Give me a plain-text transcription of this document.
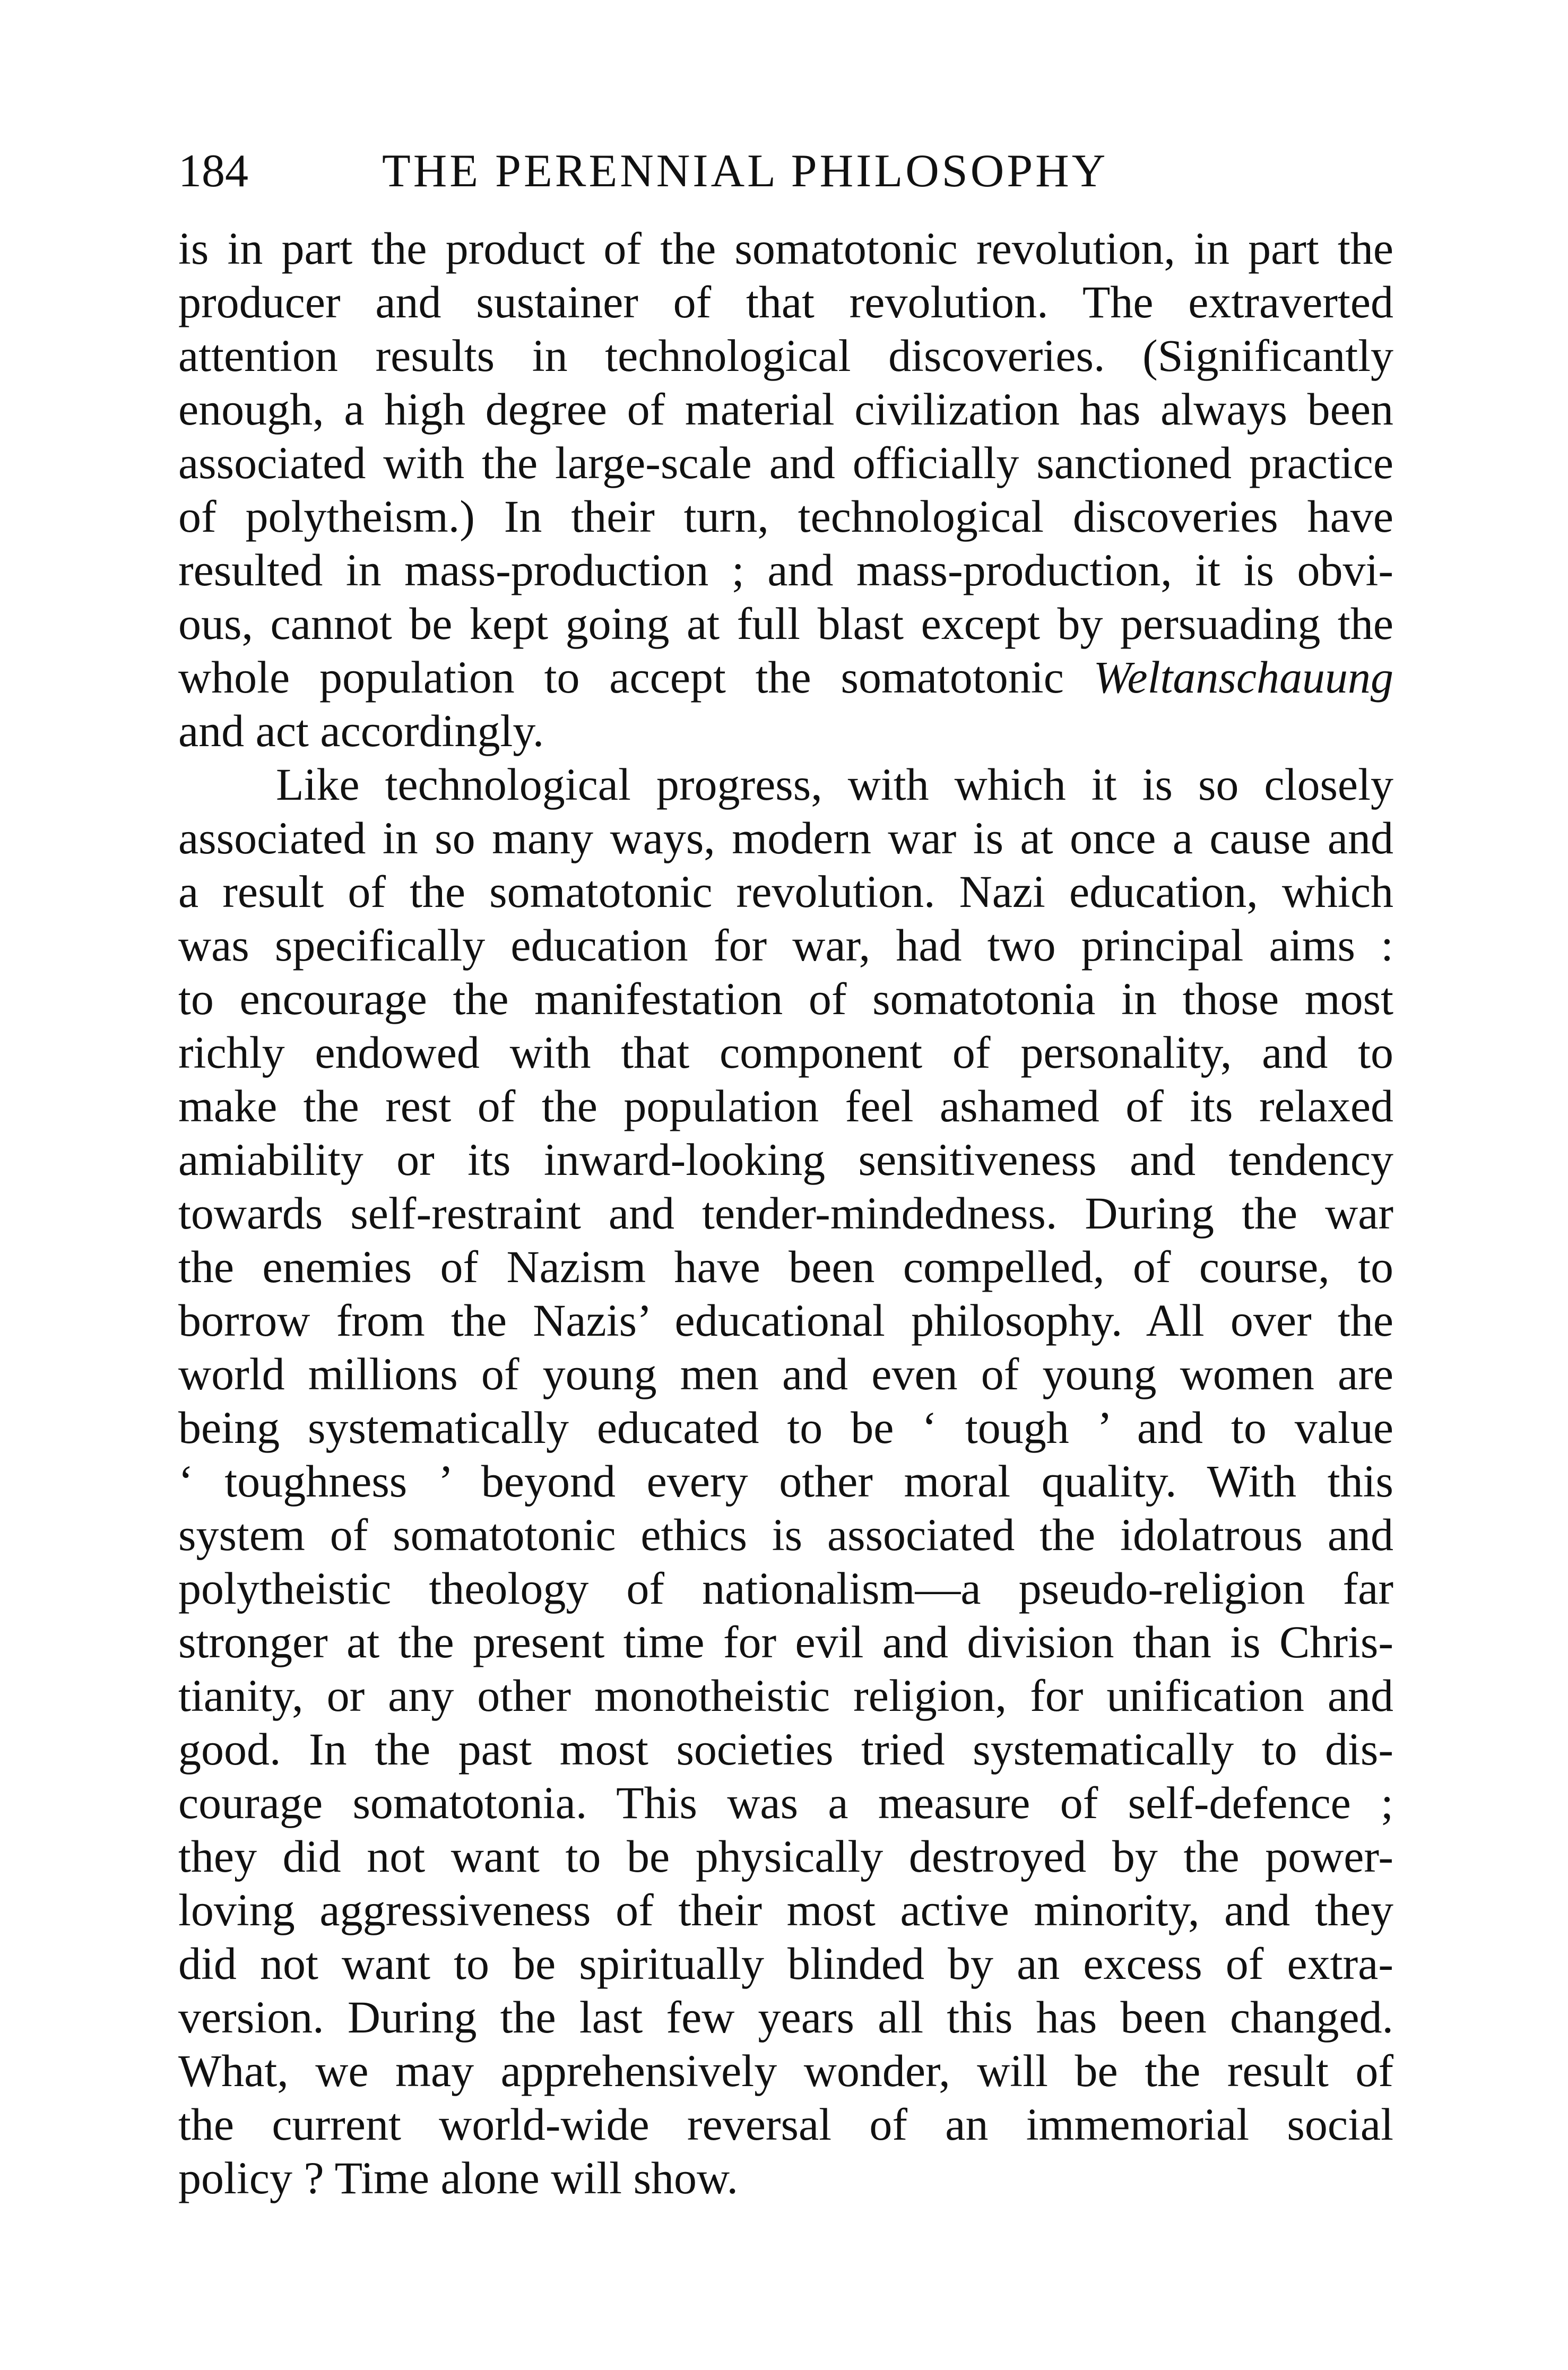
184	THE PERENNIAL PHILOSOPHY
is in part the product of the somatotonic revolution, in part the
producer and sustainer of that revolution. The extraverted
attention results in technological discoveries. (Significantly
enough, a high degree of material civilization has always been
associated with the large-scale and officially sanctioned practice
of polytheism.) In their turn, technological discoveries have
resulted in mass-production ; and mass-production, it is obvi-
ous, cannot be kept going at full blast except by persuading the
whole population to accept the somatotonic Weltanschauung
and act accordingly.
Like technological progress, with which it is so closely
associated in so many ways, modern war is at once a cause and
a result of the somatotonic revolution. Nazi education, which
was specifically education for war, had two principal aims :
to encourage the manifestation of somatotonia in those most
richly endowed with that component of personality, and to
make the rest of the population feel ashamed of its relaxed
amiability or its inward-looking sensitiveness and tendency
towards self-restraint and tender-mindedness. During the war
the enemies of Nazism have been compelled, of course, to
borrow from the Nazis’ educational philosophy. All over the
world millions of young men and even of young women are
being systematically educated to be ‘ tough ’ and to value
‘ toughness ’ beyond every other moral quality. With this
system of somatotonic ethics is associated the idolatrous and
polytheistic theology of nationalism—a pseudo-religion far
stronger at the present time for evil and division than is Chris-
tianity, or any other monotheistic religion, for unification and
good. In the past most societies tried systematically to dis-
courage somatotonia. This was a measure of self-defence ;
they did not want to be physically destroyed by the power-
loving aggressiveness of their most active minority, and they
did not want to be spiritually blinded by an excess of extra-
version. During the last few years all this has been changed.
What, we may apprehensively wonder, will be the result of
the current world-wide reversal of an immemorial social
policy ? Time alone will show.
